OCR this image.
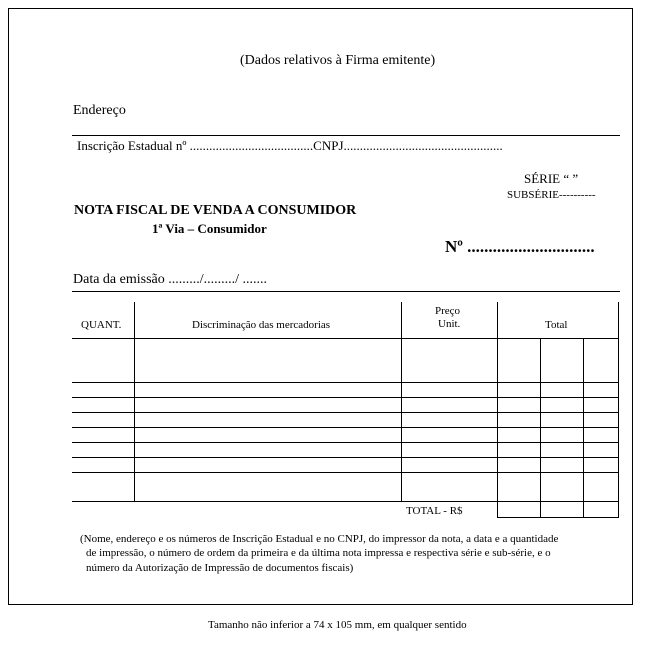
(Dados relativos à Firma emitente)
Endereço
Inscrição Estadual nº ......................................CNPJ.................................................
SÉRIE “ ”
SUBSÉRIE----------
NOTA FISCAL DE VENDA A CONSUMIDOR
1ª Via – Consumidor
Nº ..............................
Data da emissão ........./........./ .......
QUANT.	Discriminação das mercadorias
Preço
Unit.	Total
TOTAL - R$
(Nome, endereço e os números de Inscrição Estadual e no CNPJ, do impressor da nota, a data e a quantidade
de impressão, o número de ordem da primeira e da última nota impressa e respectiva série e sub-série, e o
número da Autorização de Impressão de documentos fiscais)
Tamanho não inferior a 74 x 105 mm, em qualquer sentido
